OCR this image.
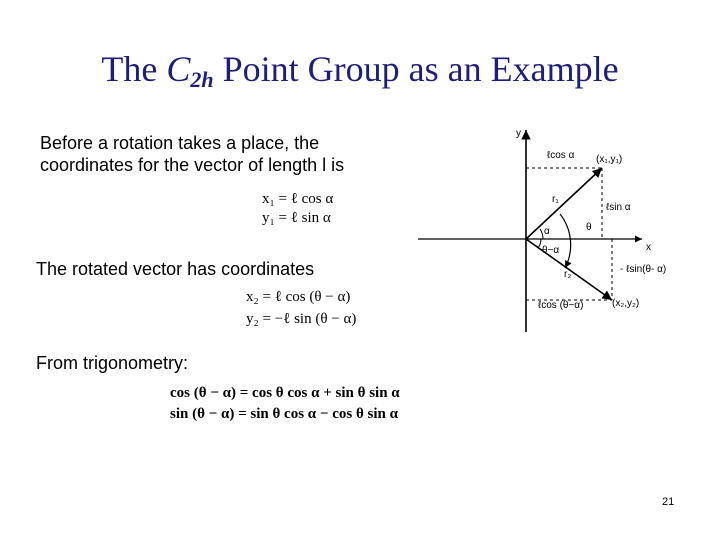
The $C_{2h}$ Point Group as an Example
Before a rotation takes a place, the
coordinates for the vector of length l is
x₁ = ℓ cos α
y₁ = ℓ sin α
The rotated vector has coordinates
x₂ = ℓ cos (θ − α)
y₂ = −ℓ sin (θ − α)
From trigonometry:
cos (θ − α) = cos θ cos α + sin θ sin α
sin (θ − α) = sin θ cos α − cos θ sin α
y
x
ℓcos α (x₁,y₁)
r₁
ℓsin α
α	θ
θ−α
r₂	- ℓsin(θ- α)
ℓcos (θ−α)	(x₂,y₂)
21
